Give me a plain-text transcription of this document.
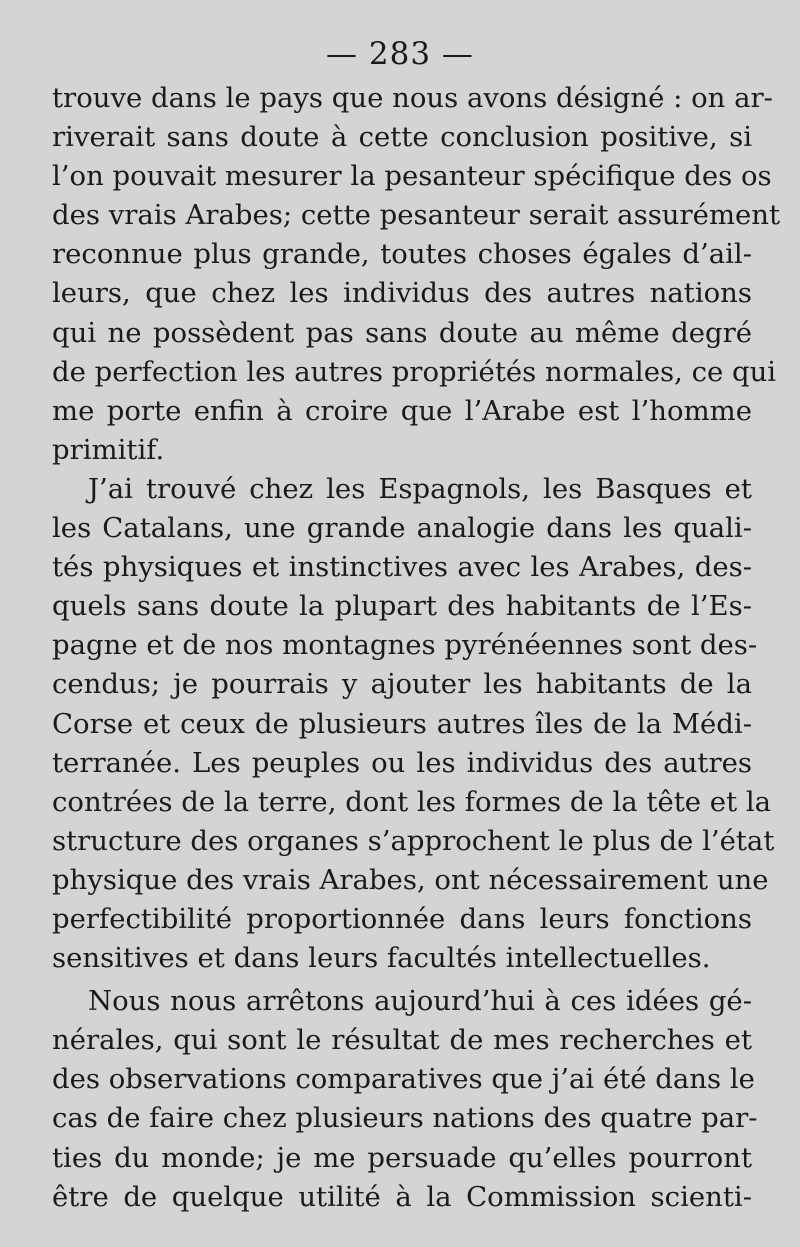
— 283 —
trouve dans le pays que nous avons désigné : on ar-
riverait sans doute à cette conclusion positive, si
l’on pouvait mesurer la pesanteur spécifique des os
des vrais Arabes; cette pesanteur serait assurément
reconnue plus grande, toutes choses égales d’ail-
leurs, que chez les individus des autres nations
qui ne possèdent pas sans doute au même degré
de perfection les autres propriétés normales, ce qui
me porte enfin à croire que l’Arabe est l’homme
primitif.
J’ai trouvé chez les Espagnols, les Basques et
les Catalans, une grande analogie dans les quali-
tés physiques et instinctives avec les Arabes, des-
quels sans doute la plupart des habitants de l’Es-
pagne et de nos montagnes pyrénéennes sont des-
cendus; je pourrais y ajouter les habitants de la
Corse et ceux de plusieurs autres îles de la Médi-
terranée. Les peuples ou les individus des autres
contrées de la terre, dont les formes de la tête et la
structure des organes s’approchent le plus de l’état
physique des vrais Arabes, ont nécessairement une
perfectibilité proportionnée dans leurs fonctions
sensitives et dans leurs facultés intellectuelles.
Nous nous arrêtons aujourd’hui à ces idées gé-
nérales, qui sont le résultat de mes recherches et
des observations comparatives que j’ai été dans le
cas de faire chez plusieurs nations des quatre par-
ties du monde; je me persuade qu’elles pourront
être de quelque utilité à la Commission scienti-
